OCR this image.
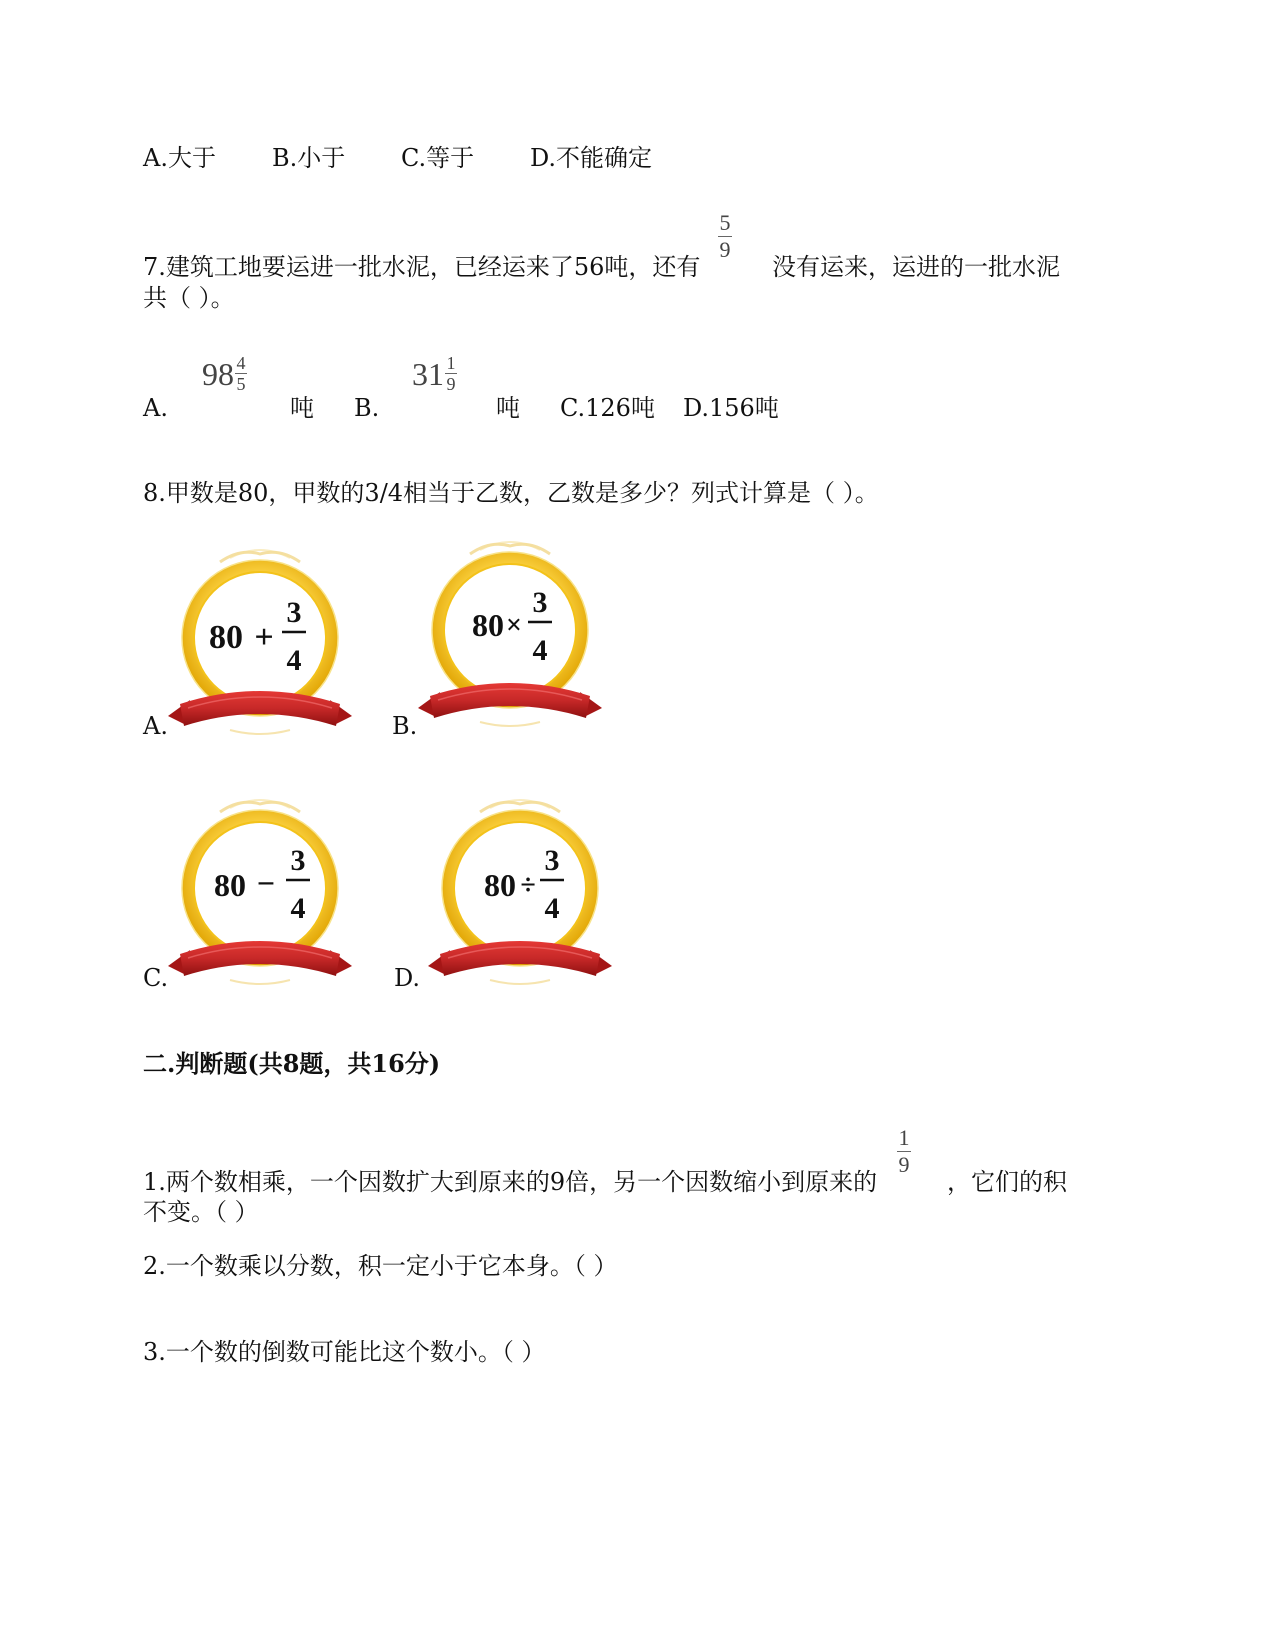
A.大于 B.小于 C.等于 D.不能确定
7.建筑工地要运进一批水泥，已经运来了56吨，还有
5
9
没有运来，运进的一批水泥
共（ ）。
A.
98 4
5
吨 B.
31 1
9
吨 C.126吨 D.156吨
8.甲数是80，甲数的3/4相当于乙数，乙数是多少？列式计算是（ ）。
A.	B.
C.	D.
80 +
3
4
80 ×
3
4
80 −
3
4
80 ÷
3
4
二.判断题(共8题，共16分)
1.两个数相乘，一个因数扩大到原来的9倍，另一个因数缩小到原来的
1
9
，它们的积
不变。（ ）
2.一个数乘以分数，积一定小于它本身。（ ）
3.一个数的倒数可能比这个数小。（ ）
